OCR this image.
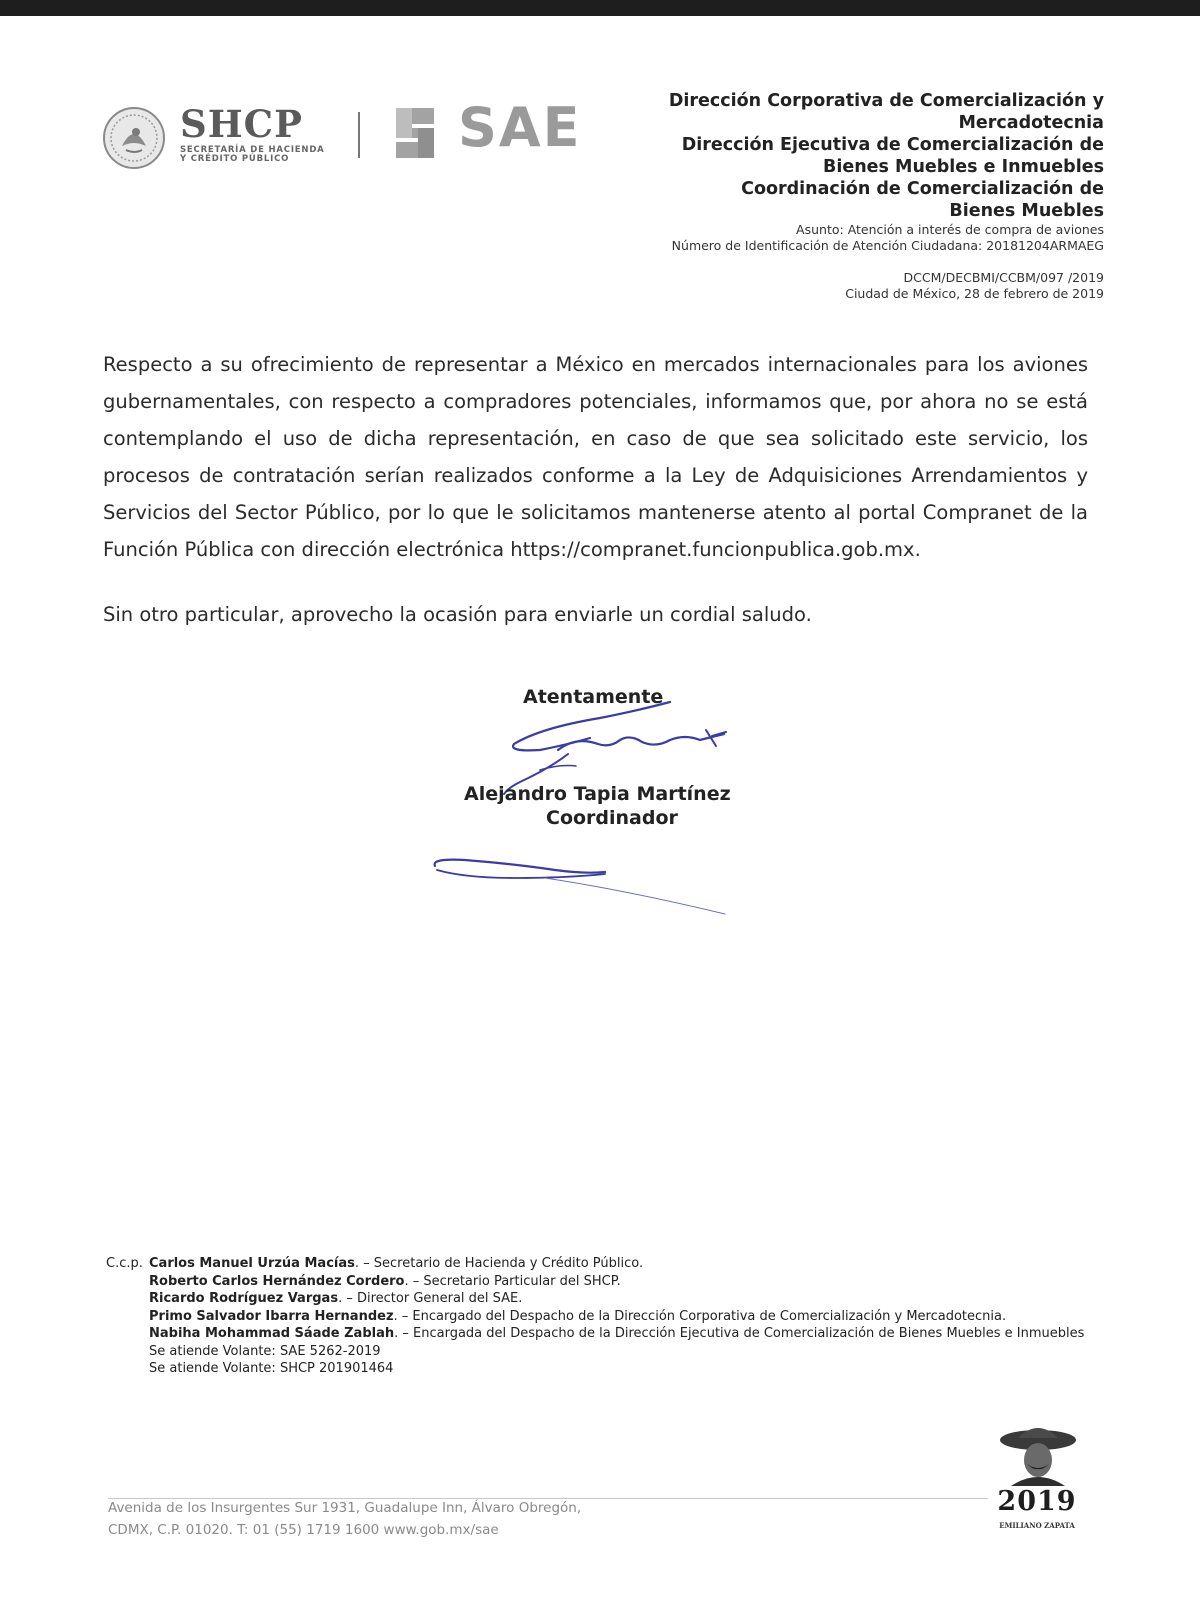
SHCP
SECRETARÍA DE HACIENDA
Y CRÉDITO PÚBLICO	SAE	Dirección Corporativa de Comercialización y

Mercadotecnia

Dirección Ejecutiva de Comercialización de

Bienes Muebles e Inmuebles

Coordinación de Comercialización de

Bienes Muebles

Asunto: Atención a interés de compra de aviones

Número de Identificación de Atención Ciudadana: 20181204ARMAEG

DCCM/DECBMI/CCBM/097 /2019

Ciudad de México, 28 de febrero de 2019

Respecto a su ofrecimiento de representar a México en mercados internacionales para los aviones gubernamentales, con respecto a compradores potenciales, informamos que, por ahora no se está contemplando el uso de dicha representación, en caso de que sea solicitado este servicio, los procesos de contratación serían realizados conforme a la Ley de Adquisiciones Arrendamientos y Servicios del Sector Público, por lo que le solicitamos mantenerse atento al portal Compranet de la Función Pública con dirección electrónica https://compranet.funcionpublica.gob.mx.

Sin otro particular, aprovecho la ocasión para enviarle un cordial saludo.

Atentamente
Alejandro Tapia Martínez
Coordinador
C.c.p. Carlos Manuel Urzúa Macías. – Secretario de Hacienda y Crédito Público.
Roberto Carlos Hernández Cordero. – Secretario Particular del SHCP.
Ricardo Rodríguez Vargas. – Director General del SAE.
Primo Salvador Ibarra Hernandez. – Encargado del Despacho de la Dirección Corporativa de Comercialización y Mercadotecnia.
Nabiha Mohammad Sáade Zablah. – Encargada del Despacho de la Dirección Ejecutiva de Comercialización de Bienes Muebles e Inmuebles
Se atiende Volante: SAE 5262-2019
Se atiende Volante: SHCP 201901464
Avenida de los Insurgentes Sur 1931, Guadalupe Inn, Álvaro Obregón,
CDMX, C.P. 01020. T: 01 (55) 1719 1600 www.gob.mx/sae
2019
EMILIANO ZAPATA
